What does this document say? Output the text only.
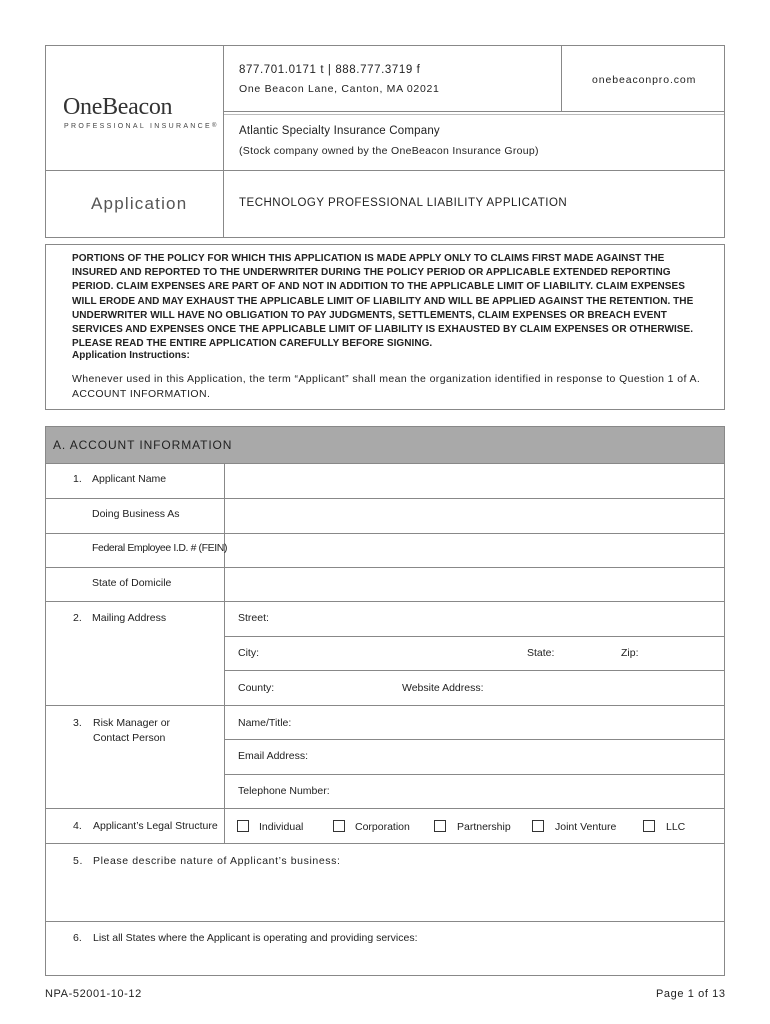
OneBeacon
PROFESSIONAL INSURANCE®
877.701.0171 t | 888.777.3719 f
One Beacon Lane, Canton, MA 02021
onebeaconpro.com
Atlantic Specialty Insurance Company
(Stock company owned by the OneBeacon Insurance Group)
Application	TECHNOLOGY PROFESSIONAL LIABILITY APPLICATION
PORTIONS OF THE POLICY FOR WHICH THIS APPLICATION IS MADE APPLY ONLY TO CLAIMS FIRST MADE AGAINST THE INSURED AND REPORTED TO THE UNDERWRITER DURING THE POLICY PERIOD OR APPLICABLE EXTENDED REPORTING PERIOD. CLAIM EXPENSES ARE PART OF AND NOT IN ADDITION TO THE APPLICABLE LIMIT OF LIABILITY. CLAIM EXPENSES WILL ERODE AND MAY EXHAUST THE APPLICABLE LIMIT OF LIABILITY AND WILL BE APPLIED AGAINST THE RETENTION. THE UNDERWRITER WILL HAVE NO OBLIGATION TO PAY JUDGMENTS, SETTLEMENTS, CLAIM EXPENSES OR BREACH EVENT SERVICES AND EXPENSES ONCE THE APPLICABLE LIMIT OF LIABILITY IS EXHAUSTED BY CLAIM EXPENSES OR OTHERWISE. PLEASE READ THE ENTIRE APPLICATION CAREFULLY BEFORE SIGNING.
Application Instructions:
Whenever used in this Application, the term “Applicant” shall mean the organization identified in response to Question 1 of A. ACCOUNT INFORMATION.
A. ACCOUNT INFORMATION
1. Applicant Name
Doing Business As
Federal Employee I.D. # (FEIN)
State of Domicile
2. Mailing Address	Street:
City:	State:	Zip:
County:	Website Address:
3. Risk Manager or
Contact Person
Name/Title:
Email Address:
Telephone Number:
4. Applicant’s Legal Structure	Individual	Corporation	Partnership	Joint Venture	LLC
5. Please describe nature of Applicant’s business:
6. List all States where the Applicant is operating and providing services:
NPA-52001-10-12	Page 1 of 13
